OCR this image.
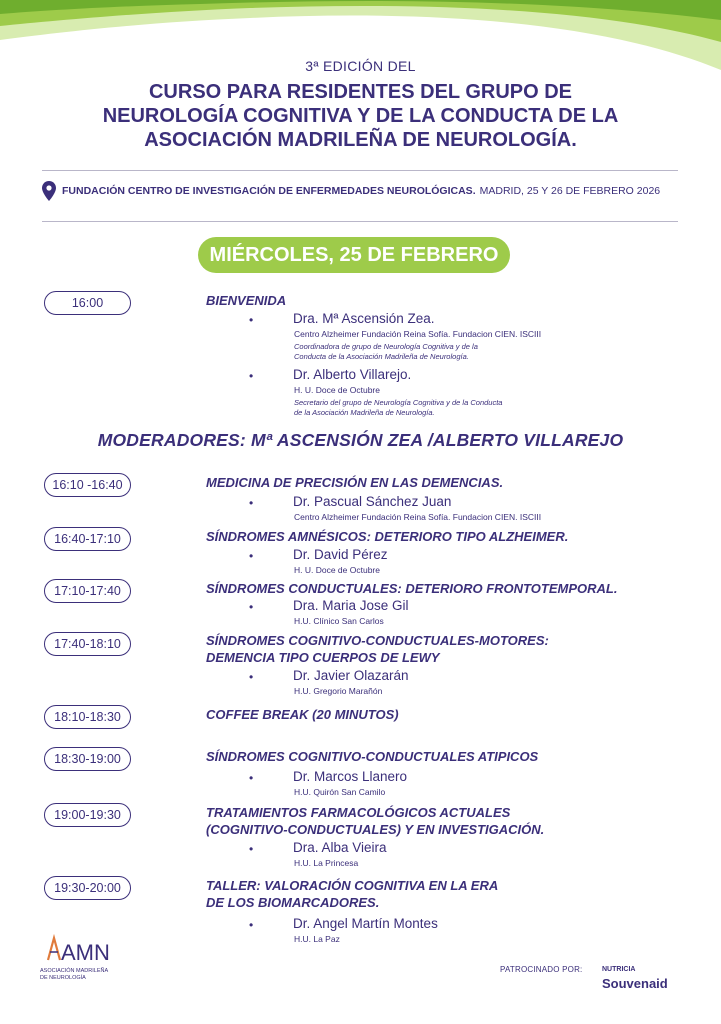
3ª EDICIÓN DEL
CURSO PARA RESIDENTES DEL GRUPO DE
NEUROLOGÍA COGNITIVA Y DE LA CONDUCTA DE LA
ASOCIACIÓN MADRILEÑA DE NEUROLOGÍA.
FUNDACIÓN CENTRO DE INVESTIGACIÓN DE ENFERMEDADES NEUROLÓGICAS. MADRID, 25 Y 26 DE FEBRERO 2026
MIÉRCOLES, 25 DE FEBRERO
16:00	BIENVENIDA
•	Dra. Mª Ascensión Zea.
Centro Alzheimer Fundación Reina Sofía. Fundacion CIEN. ISCIII
Coordinadora de grupo de Neurología Cognitiva y de la
Conducta de la Asociación Madrileña de Neurología.
•	Dr. Alberto Villarejo.
H. U. Doce de Octubre
Secretario del grupo de Neurología Cognitiva y de la Conducta
de la Asociación Madrileña de Neurología.
MODERADORES: Mª ASCENSIÓN ZEA /ALBERTO VILLAREJO
16:10 -16:40	MEDICINA DE PRECISIÓN EN LAS DEMENCIAS.
•	Dr. Pascual Sánchez Juan
Centro Alzheimer Fundación Reina Sofía. Fundacion CIEN. ISCIII
16:40-17:10	SÍNDROMES AMNÉSICOS: DETERIORO TIPO ALZHEIMER.
•	Dr. David Pérez
H. U. Doce de Octubre
17:10-17:40	SÍNDROMES CONDUCTUALES: DETERIORO FRONTOTEMPORAL.
•	Dra. Maria Jose Gil
H.U. Clínico San Carlos
17:40-18:10	SÍNDROMES COGNITIVO-CONDUCTUALES-MOTORES:
DEMENCIA TIPO CUERPOS DE LEWY
•	Dr. Javier Olazarán
H.U. Gregorio Marañón
18:10-18:30	COFFEE BREAK (20 MINUTOS)
18:30-19:00	SÍNDROMES COGNITIVO-CONDUCTUALES ATIPICOS
•	Dr. Marcos Llanero
H.U. Quirón San Camilo
19:00-19:30	TRATAMIENTOS FARMACOLÓGICOS ACTUALES
(COGNITIVO-CONDUCTUALES) Y EN INVESTIGACIÓN.
•	Dra. Alba Vieira
H.U. La Princesa
19:30-20:00	TALLER: VALORACIÓN COGNITIVA EN LA ERA
DE LOS BIOMARCADORES.
•	Dr. Angel Martín Montes
H.U. La Paz
AMN
ASOCIACIÓN MADRILEÑA
DE NEUROLOGÍA
PATROCINADO POR:	NUTRICIA
Souvenaid
